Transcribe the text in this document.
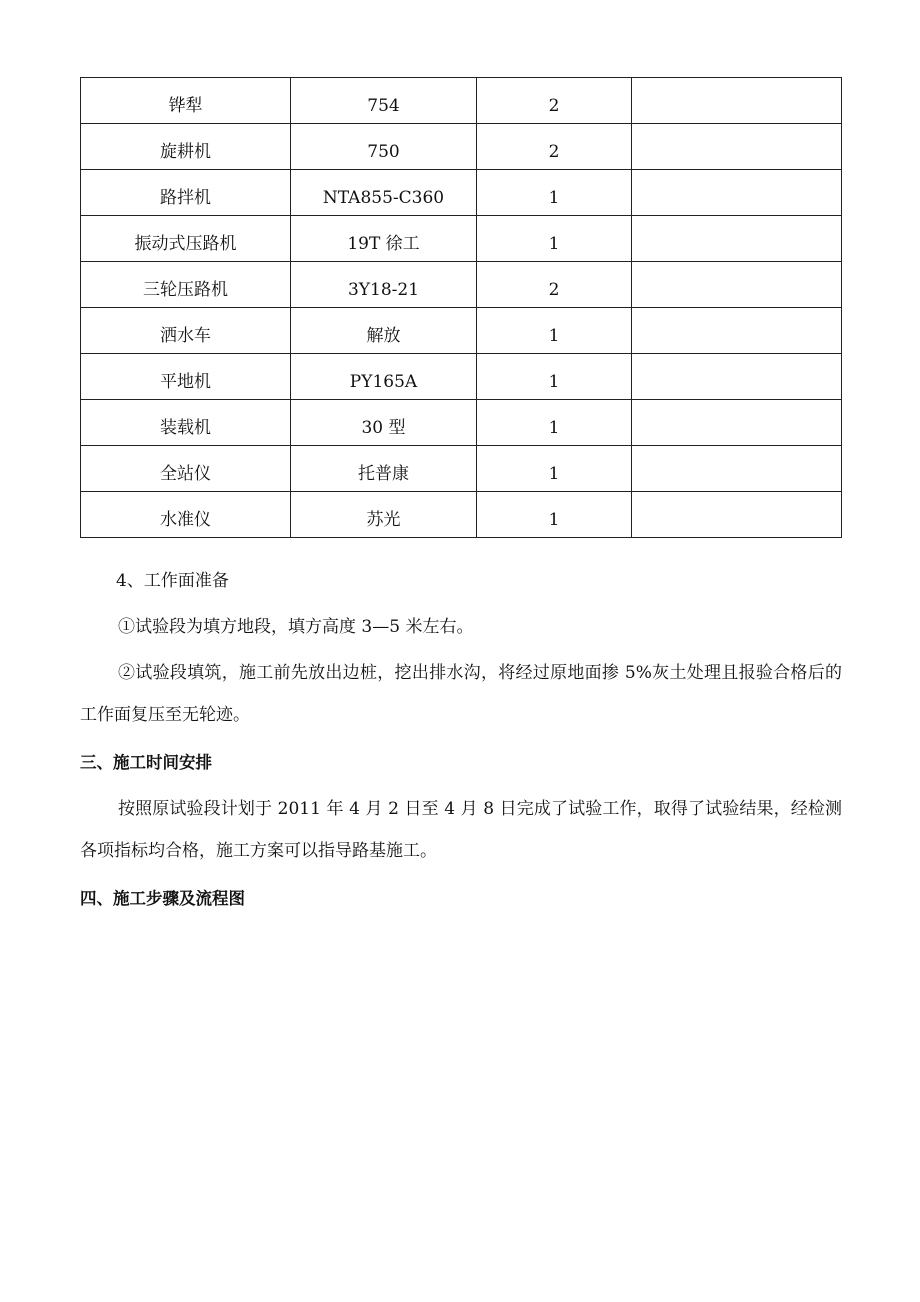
铧犁	754	2	
旋耕机	750	2	
路拌机	NTA855-C360	1	
振动式压路机	19T 徐工	1	
三轮压路机	3Y18-21	2	
洒水车	解放	1	
平地机	PY165A	1	
装载机	30 型	1	
全站仪	托普康	1	
水准仪	苏光	1	

4、工作面准备

①试验段为填方地段，填方高度 3—5 米左右。

②试验段填筑，施工前先放出边桩，挖出排水沟，将经过原地面掺 5%灰土处理且报验合格后的工作面复压至无轮迹。

三、施工时间安排

按照原试验段计划于 2011 年 4 月 2 日至 4 月 8 日完成了试验工作，取得了试验结果，经检测各项指标均合格，施工方案可以指导路基施工。

四、施工步骤及流程图
